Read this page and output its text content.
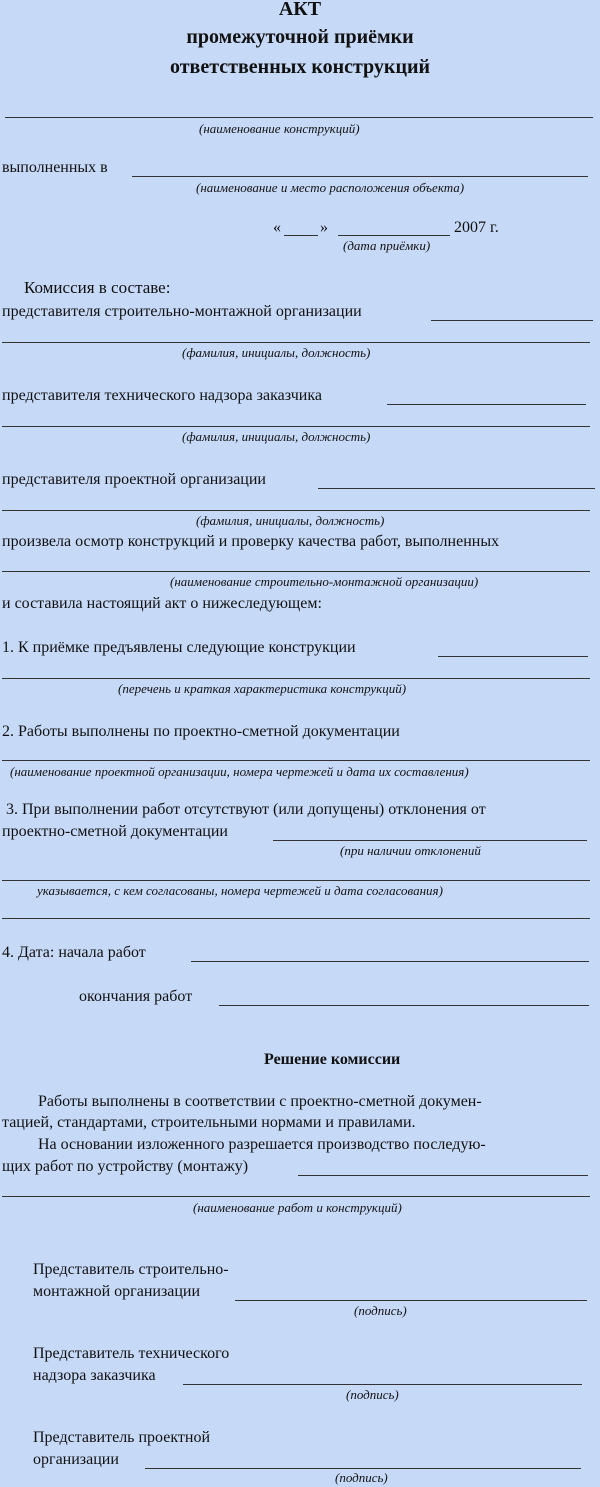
АКТ
промежуточной приёмки
ответственных конструкций
(наименование конструкций)
выполненных в
(наименование и место расположения объекта)
« »	2007 г.
(дата приёмки)
Комиссия в составе:
представителя строительно-монтажной организации
(фамилия, инициалы, должность)
представителя технического надзора заказчика
(фамилия, инициалы, должность)
представителя проектной организации
(фамилия, инициалы, должность)
произвела осмотр конструкций и проверку качества работ, выполненных
(наименование строительно-монтажной организации)
и составила настоящий акт о нижеследующем:
1. К приёмке предъявлены следующие конструкции
(перечень и краткая характеристика конструкций)
2. Работы выполнены по проектно-сметной документации
(наименование проектной организации, номера чертежей и дата их составления)
3. При выполнении работ отсутствуют (или допущены) отклонения от
проектно-сметной документации
(при наличии отклонений
указывается, с кем согласованы, номера чертежей и дата согласования)
4. Дата: начала работ
окончания работ
Решение комиссии
Работы выполнены в соответствии с проектно-сметной докумен-
тацией, стандартами, строительными нормами и правилами.
На основании изложенного разрешается производство последую-
щих работ по устройству (монтажу)
(наименование работ и конструкций)
Представитель строительно-
монтажной организации
(подпись)
Представитель технического
надзора заказчика
(подпись)
Представитель проектной
организации
(подпись)
